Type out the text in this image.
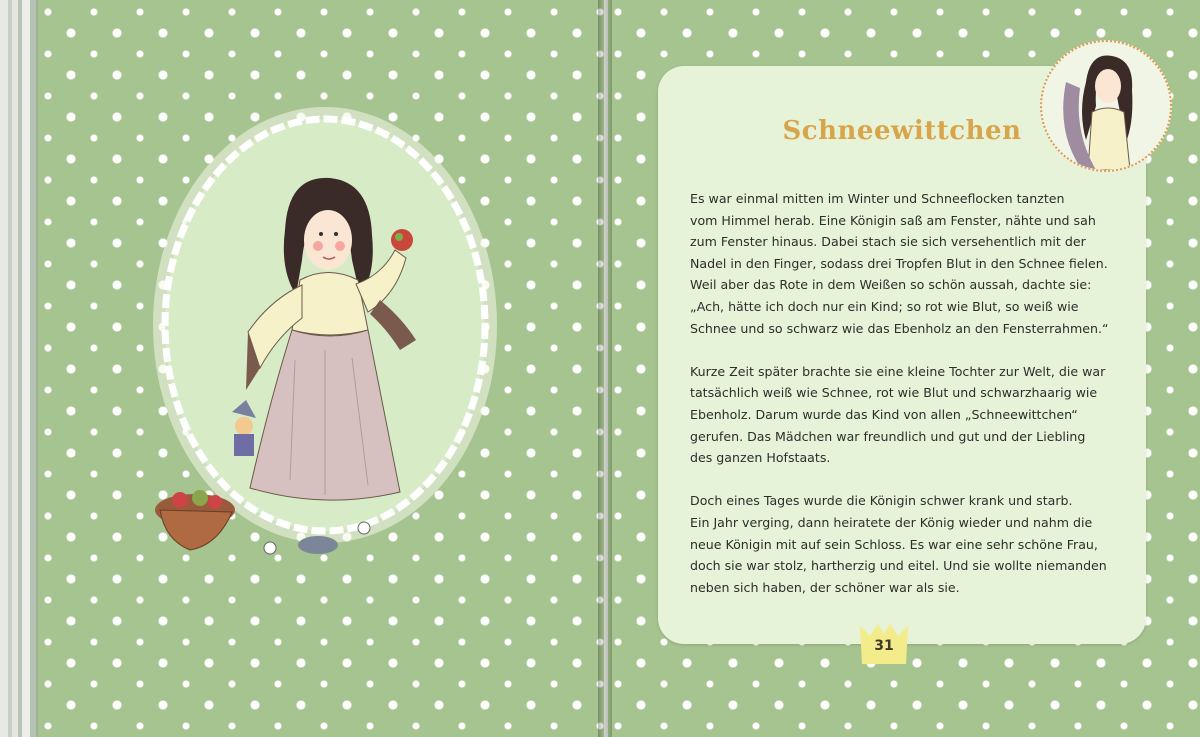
Schneewittchen

Es war einmal mitten im Winter und Schneeflocken tanzten
vom Himmel herab. Eine Königin saß am Fenster, nähte und sah
zum Fenster hinaus. Dabei stach sie sich versehentlich mit der
Nadel in den Finger, sodass drei Tropfen Blut in den Schnee fielen.
Weil aber das Rote in dem Weißen so schön aussah, dachte sie:
„Ach, hätte ich doch nur ein Kind; so rot wie Blut, so weiß wie
Schnee und so schwarz wie das Ebenholz an den Fensterrahmen.“

Kurze Zeit später brachte sie eine kleine Tochter zur Welt, die war
tatsächlich weiß wie Schnee, rot wie Blut und schwarzhaarig wie
Ebenholz. Darum wurde das Kind von allen „Schneewittchen“
gerufen. Das Mädchen war freundlich und gut und der Liebling
des ganzen Hofstaats.

Doch eines Tages wurde die Königin schwer krank und starb.
Ein Jahr verging, dann heiratete der König wieder und nahm die
neue Königin mit auf sein Schloss. Es war eine sehr schöne Frau,
doch sie war stolz, hartherzig und eitel. Und sie wollte niemanden
neben sich haben, der schöner war als sie.

31
